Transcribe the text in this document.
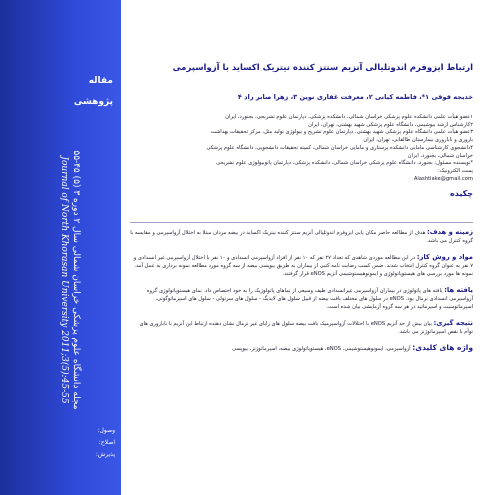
مقاله
پژوهشی
مجله دانشگاه علوم پزشکی خراسان شمالی سال ۲ دوره ۳ (۵) ۴۵-۵۵
Journal of North Khorasan University 2011;3(5):45-55
وصول:
اصلاح:
پذیرش:
ارتباط ایزوفرم اندوتلیالی آنزیم سنتز کننده نیتریک اکساید با آزواسپرمی
خدیجه قوقی ۱*، فاطمه کیانی ۲، معرفت غفاری نوین ۳، زهرا صابر راد ۴
۱عضو هیأت علمی دانشکده علوم پزشکی خراسان شمالی، دانشکده پزشکی، دپارتمان علوم تشریحی، بجنورد، ایران
۲کارشناس ارشد بیوشیمی، دانشگاه علوم پزشکی شهید بهشتی، تهران، ایران
۳عضو هیأت علمی دانشگاه علوم پزشکی شهید بهشتی، دپارتمان علوم تشریح و بیولوژی تولید مثل، مرکز تحقیقات بهداشت
باروری و ناباروری بیمارستان طالقانی، تهران، ایران
۴دانشجوی کارشناسی مامایی دانشکده پرستاری و مامایی خراسان شمالی، کمیته تحقیقات دانشجویی، دانشگاه علوم پزشکی
خراسان شمالی، بجنورد، ایران
*نویسنده مسئول: بجنورد، دانشگاه علوم پزشکی خراسان شمالی، دانشکده پزشکی، دپارتمان پاتوبیولوژی علوم تشریحی
پست الکترونیک:
Alashtlake@gmail.com
چکیده

زمینه و هدف: هدف از مطالعه حاضر مکان یابی ایزوفرم اندوتلیالی آنزیم سنتز کننده نیتریک اکساید در بیضه مردان مبتلا به اختلال آزواسپرمی و مقایسه با گروه کنترل می باشد.

مواد و روش کار: در این مطالعه موردی شاهدی که تعداد ۲۷ نفر که ۱۰ نفر از افراد آزواسپرمی انسدادی و ۱۰ نفر با اختلال آزواسپرمی غیر انسدادی و ۷ نفر به عنوان گروه کنترل انتخاب شدند. ضمن کسب رضایت نامه کتبی از بیماران به طریق بیوپسی بیضه از سه گروه مورد مطالعه نمونه برداری به عمل آمد. نمونه ها مورد بررسی های هیستوپاتولوژی و ایمونوهیستوشیمی آنزیم eNOS قرار گرفتند.

یافته ها: یافته های پاتولوژی در بیماران آزواسپرمی غیرانسدادی طیف وسیعی از نماهای پاتولوژیک را به خود اختصاص داد. نمای هیستوپاتولوژی گروه آزواسپرمی انسدادی نرمال بود. eNOS در سلول های مختلف بافت بیضه از قبیل سلول های لایدیگ - سلول های سرتولی - سلول های اسپرماتوگونی، اسپرماتوسیت و اسپرماتید در هر سه گروه آزمایشی بیان شده است.

نتیجه گیری: بیان بیش از حد آنزیم eNOS با اختلالات آزواسپرمیک بافت بیضه سلول های زایای غیر نرمال نشان دهنده ارتباط این آنزیم با ناباروری های توأم با نقص اسپرماتوژنز می باشد.

واژه های کلیدی: آزواسپرمی، ایمونوهیستوشیمی، eNOS، هیستوپاتولوژی بیضه، اسپرماتوژنز، بیوپسی
